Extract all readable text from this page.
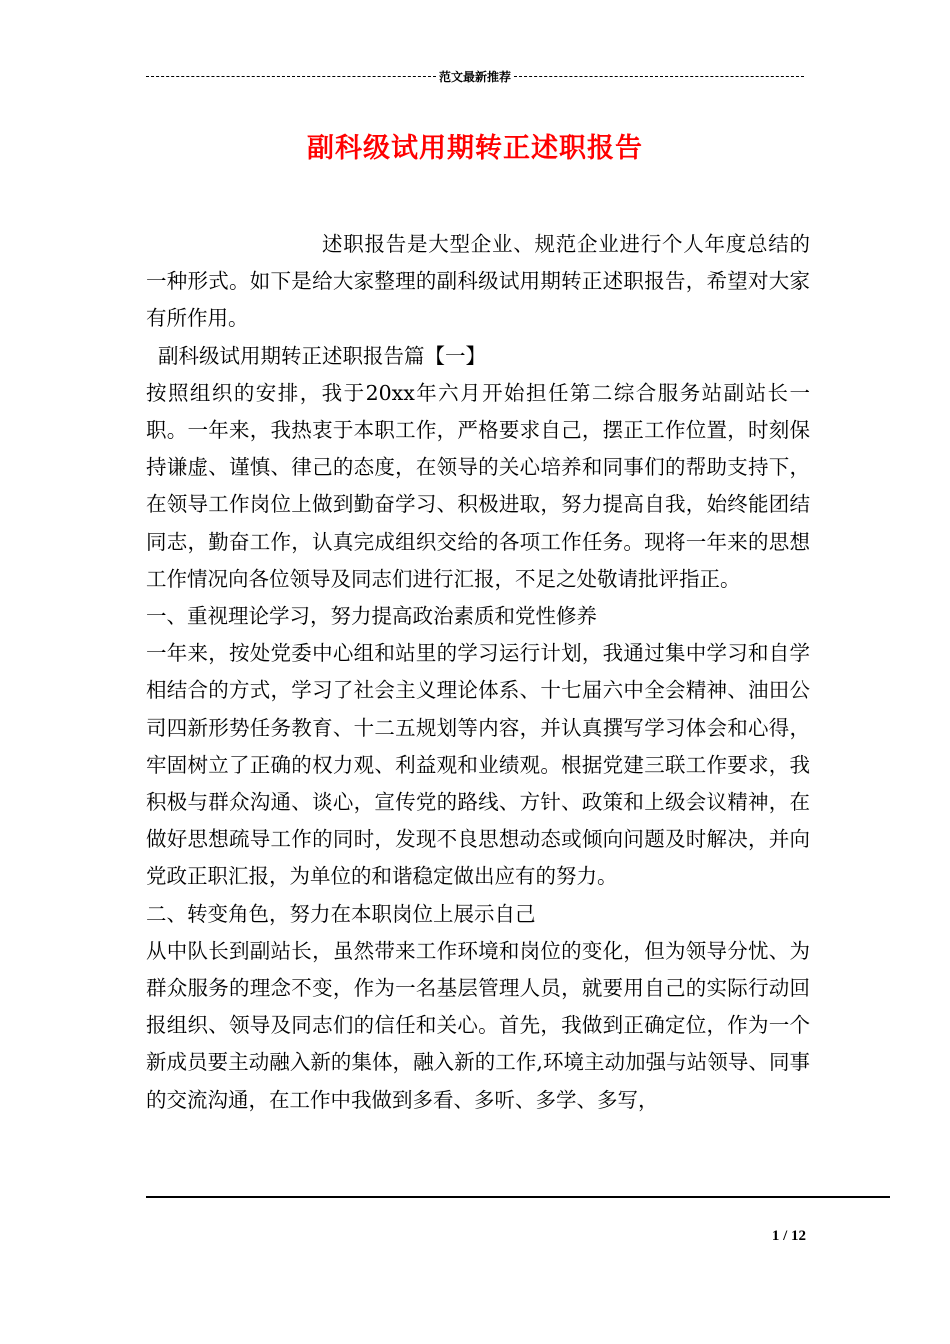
范文最新推荐
副科级试用期转正述职报告

述职报告是大型企业、规范企业进行个人年度总结的一种形式。如下是给大家整理的副科级试用期转正述职报告，希望对大家有所作用。

副科级试用期转正述职报告篇【一】

按照组织的安排，我于20xx年六月开始担任第二综合服务站副站长一职。一年来，我热衷于本职工作，严格要求自己，摆正工作位置，时刻保持谦虚、谨慎、律己的态度，在领导的关心培养和同事们的帮助支持下，在领导工作岗位上做到勤奋学习、积极进取，努力提高自我，始终能团结同志，勤奋工作，认真完成组织交给的各项工作任务。现将一年来的思想工作情况向各位领导及同志们进行汇报，不足之处敬请批评指正。

一、重视理论学习，努力提高政治素质和党性修养

一年来，按处党委中心组和站里的学习运行计划，我通过集中学习和自学相结合的方式，学习了社会主义理论体系、十七届六中全会精神、油田公司四新形势任务教育、十二五规划等内容，并认真撰写学习体会和心得，牢固树立了正确的权力观、利益观和业绩观。根据党建三联工作要求，我积极与群众沟通、谈心，宣传党的路线、方针、政策和上级会议精神，在做好思想疏导工作的同时，发现不良思想动态或倾向问题及时解决，并向党政正职汇报，为单位的和谐稳定做出应有的努力。

二、转变角色，努力在本职岗位上展示自己

从中队长到副站长，虽然带来工作环境和岗位的变化，但为领导分忧、为群众服务的理念不变，作为一名基层管理人员，就要用自己的实际行动回报组织、领导及同志们的信任和关心。首先，我做到正确定位，作为一个新成员要主动融入新的集体，融入新的工作,环境主动加强与站领导、同事的交流沟通，在工作中我做到多看、多听、多学、多写，

1 / 12
